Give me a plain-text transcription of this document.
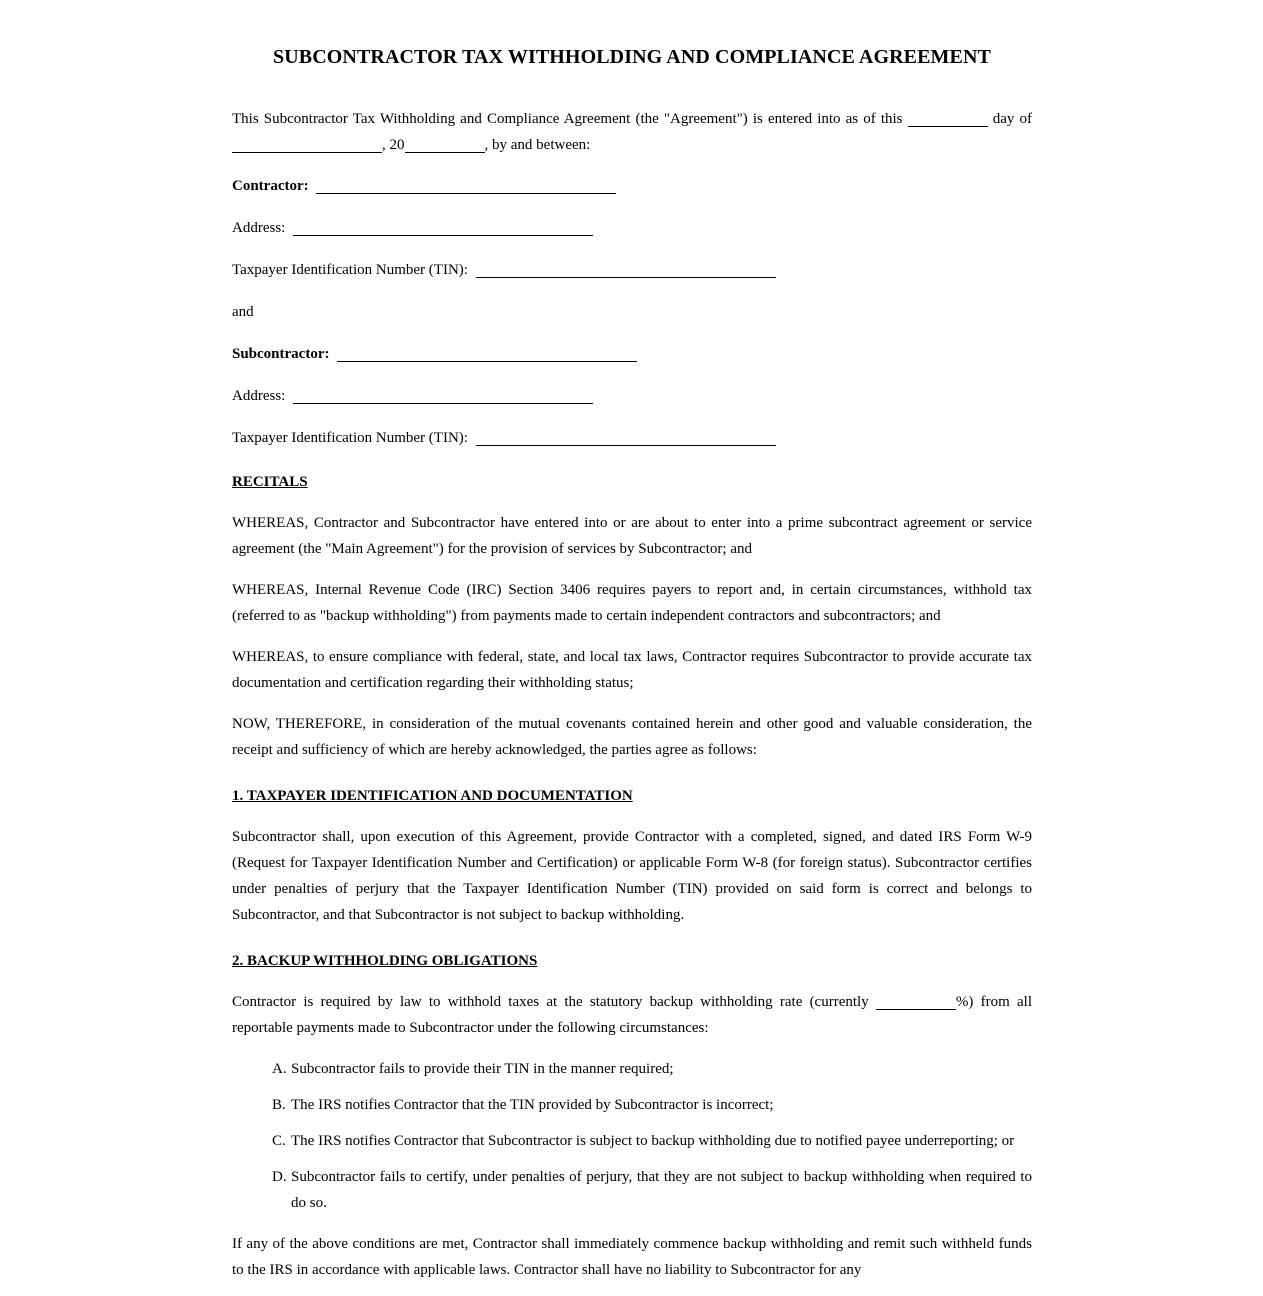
SUBCONTRACTOR TAX WITHHOLDING AND COMPLIANCE AGREEMENT

This Subcontractor Tax Withholding and Compliance Agreement (the "Agreement") is entered into as of this	day of , 20	, by and between:

Contractor:
Address:
Taxpayer Identification Number (TIN):
and
Subcontractor:
Address:
Taxpayer Identification Number (TIN):
RECITALS

WHEREAS, Contractor and Subcontractor have entered into or are about to enter into a prime subcontract agreement or service agreement (the "Main Agreement") for the provision of services by Subcontractor; and

WHEREAS, Internal Revenue Code (IRC) Section 3406 requires payers to report and, in certain circumstances, withhold tax (referred to as "backup withholding") from payments made to certain independent contractors and subcontractors; and

WHEREAS, to ensure compliance with federal, state, and local tax laws, Contractor requires Subcontractor to provide accurate tax documentation and certification regarding their withholding status;

NOW, THEREFORE, in consideration of the mutual covenants contained herein and other good and valuable consideration, the receipt and sufficiency of which are hereby acknowledged, the parties agree as follows:

1. TAXPAYER IDENTIFICATION AND DOCUMENTATION

Subcontractor shall, upon execution of this Agreement, provide Contractor with a completed, signed, and dated IRS Form W-9 (Request for Taxpayer Identification Number and Certification) or applicable Form W-8 (for foreign status). Subcontractor certifies under penalties of perjury that the Taxpayer Identification Number (TIN) provided on said form is correct and belongs to Subcontractor, and that Subcontractor is not subject to backup withholding.

2. BACKUP WITHHOLDING OBLIGATIONS

Contractor is required by law to withhold taxes at the statutory backup withholding rate (currently	%) from all reportable payments made to Subcontractor under the following circumstances:

A. Subcontractor fails to provide their TIN in the manner required;
B. The IRS notifies Contractor that the TIN provided by Subcontractor is incorrect;
C. The IRS notifies Contractor that Subcontractor is subject to backup withholding due to notified payee underreporting; or
D. Subcontractor fails to certify, under penalties of perjury, that they are not subject to backup withholding when required to do so.

If any of the above conditions are met, Contractor shall immediately commence backup withholding and remit such withheld funds to the IRS in accordance with applicable laws. Contractor shall have no liability to Subcontractor for any
